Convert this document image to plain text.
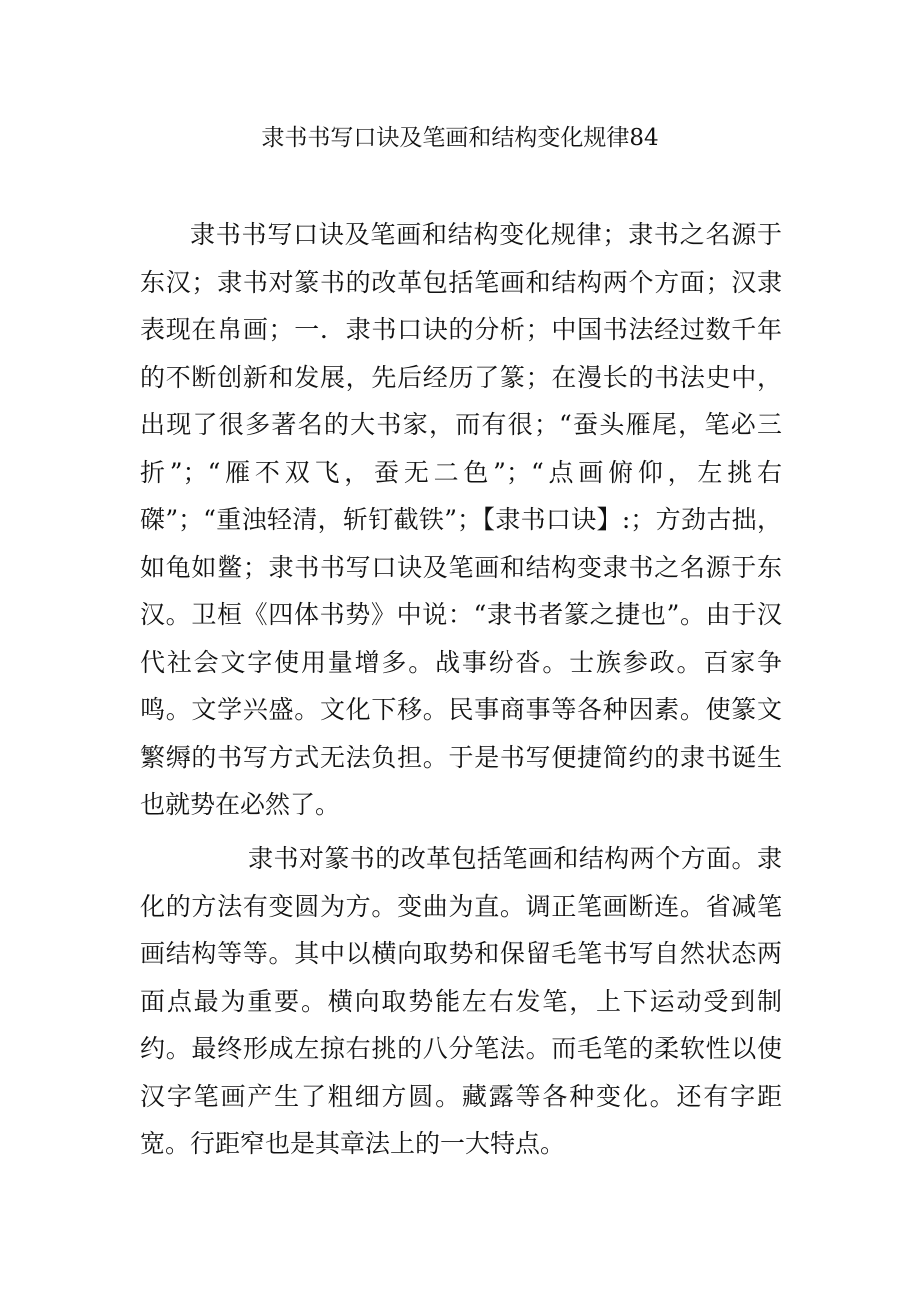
隶书书写口诀及笔画和结构变化规律84

隶书书写口诀及笔画和结构变化规律；隶书之名源于东汉；隶书对篆书的改革包括笔画和结构两个方面；汉隶表现在帛画；一．隶书口诀的分析；中国书法经过数千年的不断创新和发展，先后经历了篆；在漫长的书法史中，出现了很多著名的大书家，而有很；“蚕头雁尾，笔必三折”；“雁不双飞，蚕无二色”；“点画俯仰，左挑右磔”；“重浊轻清，斩钉截铁”；【隶书口诀】:；方劲古拙，如龟如鳖；隶书书写口诀及笔画和结构变隶书之名源于东汉。卫桓《四体书势》中说：“隶书者篆之捷也”。由于汉代社会文字使用量增多。战事纷沓。士族参政。百家争鸣。文学兴盛。文化下移。民事商事等各种因素。使篆文繁缛的书写方式无法负担。于是书写便捷简约的隶书诞生也就势在必然了。

隶书对篆书的改革包括笔画和结构两个方面。隶化的方法有变圆为方。变曲为直。调正笔画断连。省减笔画结构等等。其中以横向取势和保留毛笔书写自然状态两面点最为重要。横向取势能左右发笔，上下运动受到制约。最终形成左掠右挑的八分笔法。而毛笔的柔软性以使汉字笔画产生了粗细方圆。藏露等各种变化。还有字距宽。行距窄也是其章法上的一大特点。
